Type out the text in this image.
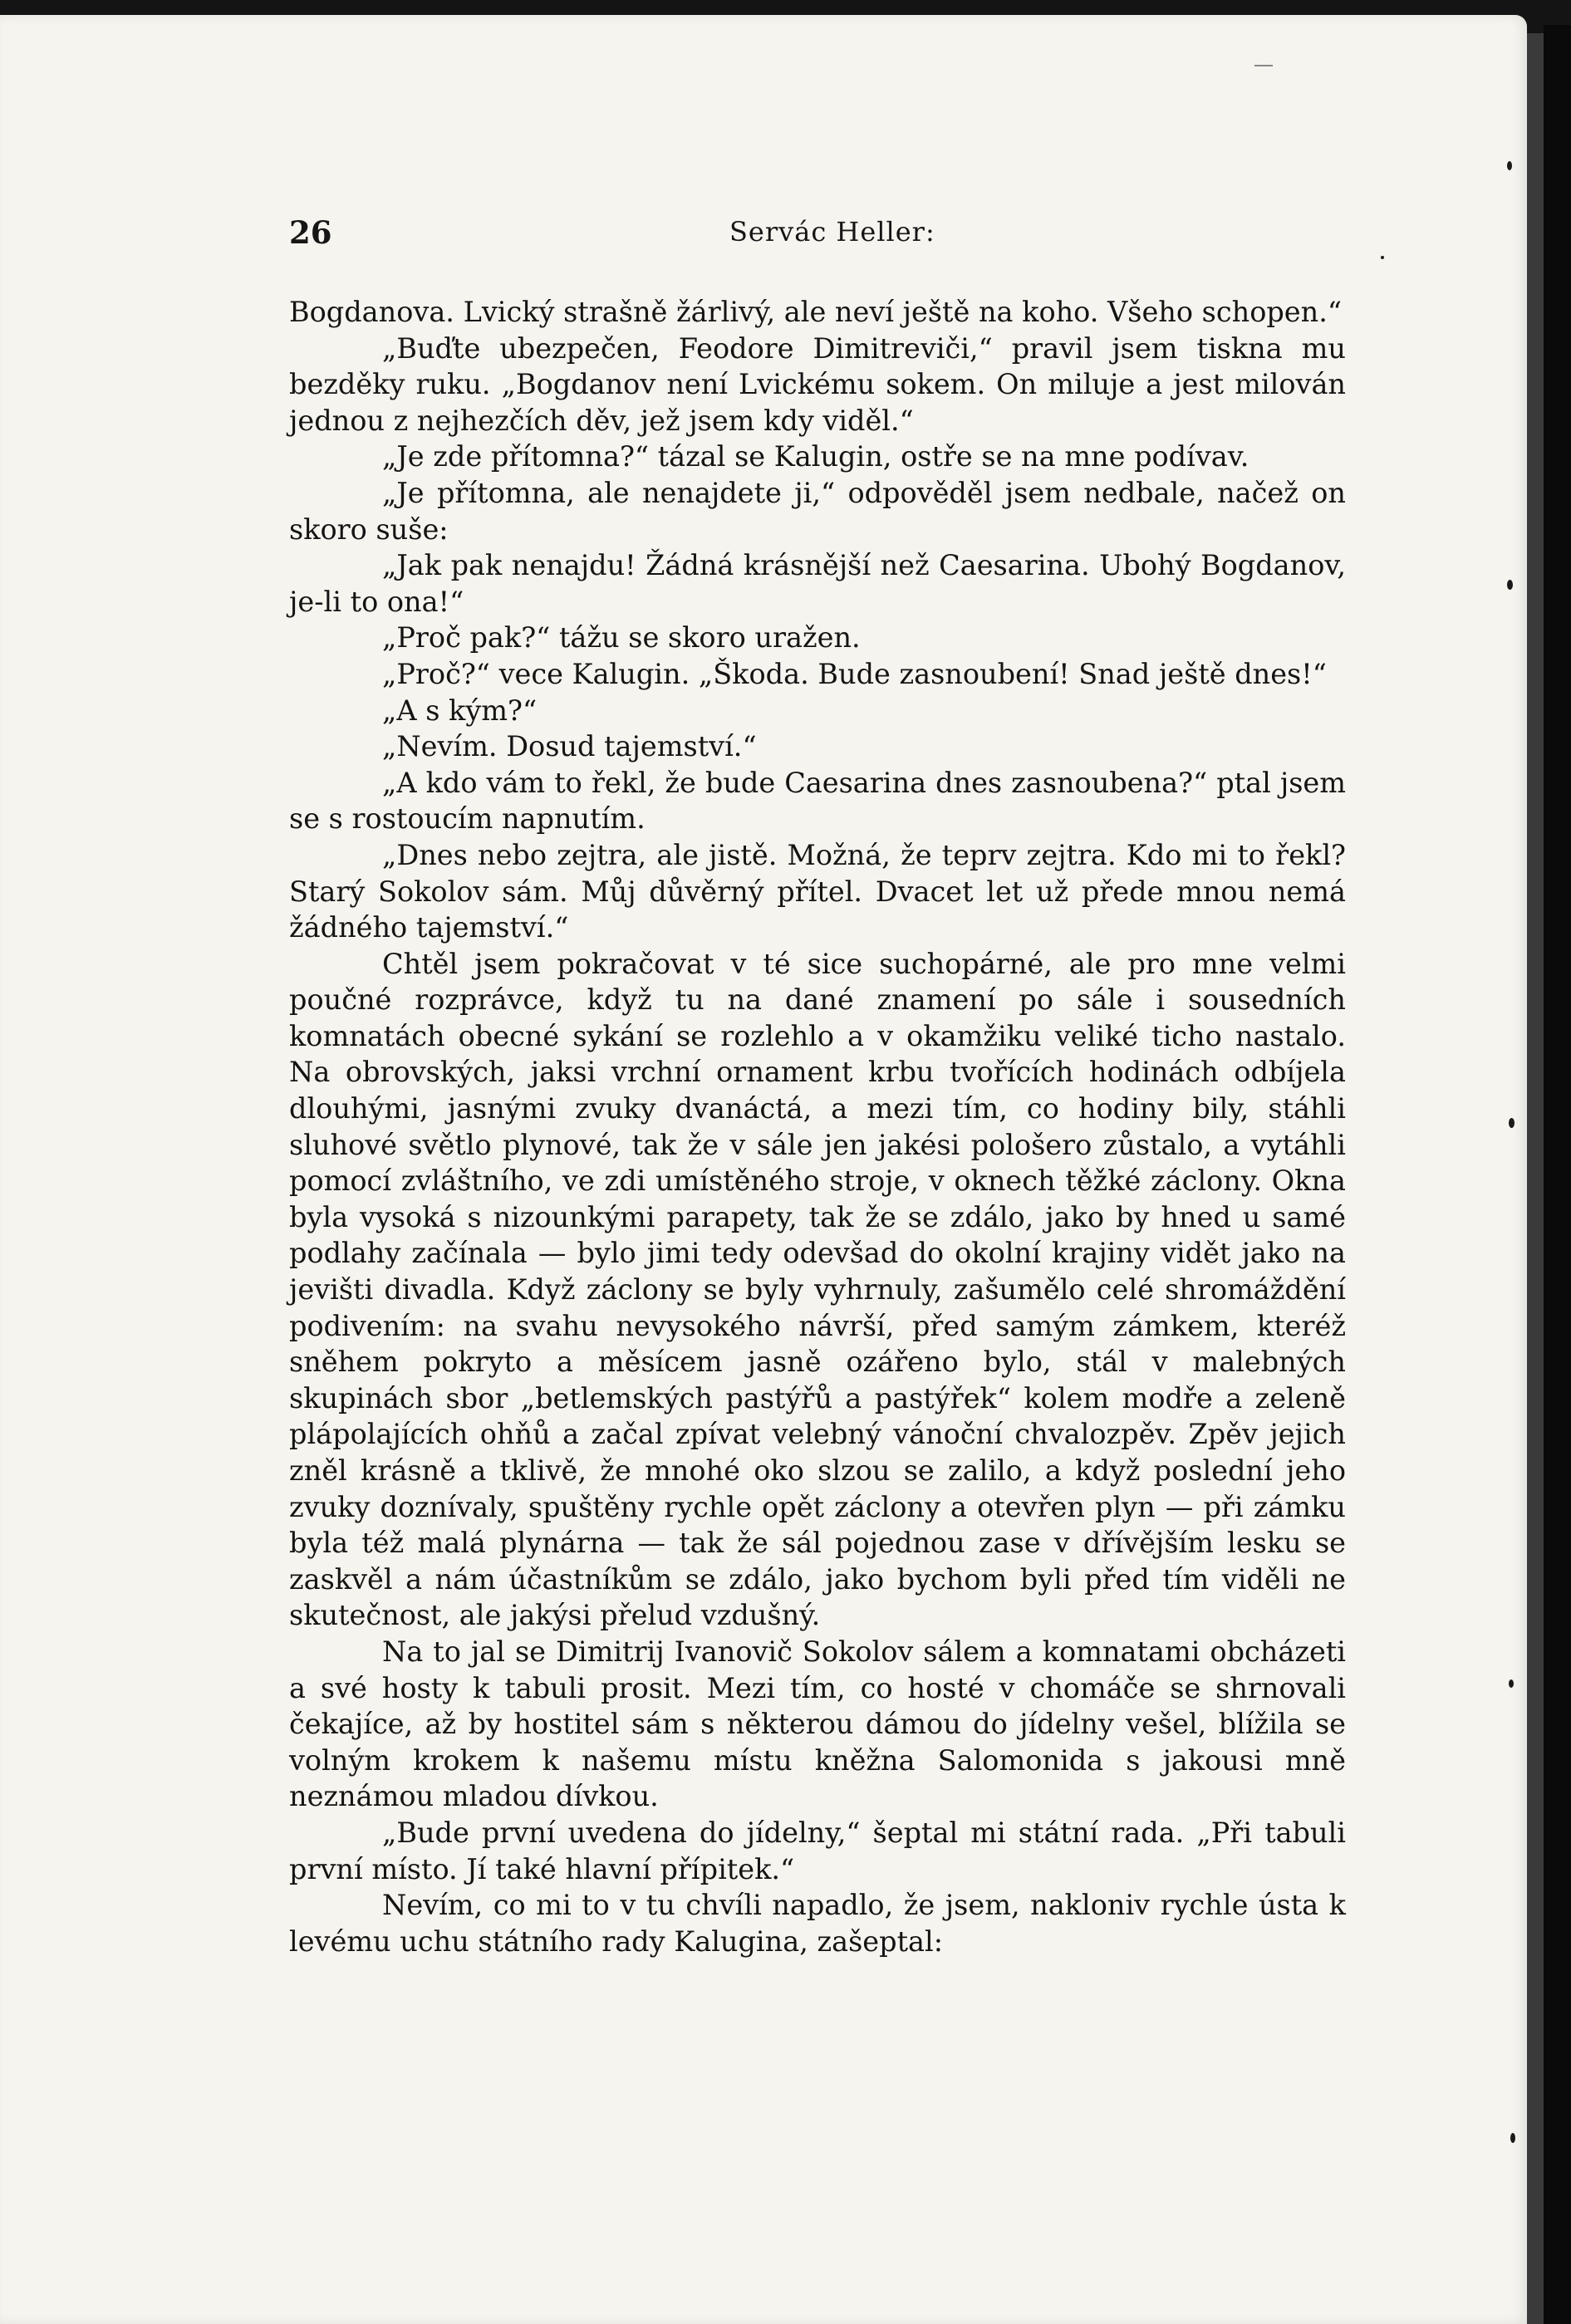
26	Servác Heller:

Bogdanova. Lvický strašně žárlivý, ale neví ještě na koho. Všeho schopen.“

„Buďte ubezpečen, Feodore Dimitreviči,“ pravil jsem tiskna mu bezděky ruku. „Bogdanov není Lvickému sokem. On miluje a jest milován jednou z nejhezčích děv, jež jsem kdy viděl.“

„Je zde přítomna?“ tázal se Kalugin, ostře se na mne podívav.

„Je přítomna, ale nenajdete ji,“ odpověděl jsem nedbale, načež on skoro suše:

„Jak pak nenajdu! Žádná krásnější než Caesarina. Ubohý Bogdanov, je-li to ona!“

„Proč pak?“ tážu se skoro uražen.

„Proč?“ vece Kalugin. „Škoda. Bude zasnoubení! Snad ještě dnes!“

„A s kým?“

„Nevím. Dosud tajemství.“

„A kdo vám to řekl, že bude Caesarina dnes zasnoubena?“ ptal jsem se s rostoucím napnutím.

„Dnes nebo zejtra, ale jistě. Možná, že teprv zejtra. Kdo mi to řekl? Starý Sokolov sám. Můj důvěrný přítel. Dvacet let už přede mnou nemá žádného tajemství.“

Chtěl jsem pokračovat v té sice suchopárné, ale pro mne velmi poučné rozprávce, když tu na dané znamení po sále i sousedních komnatách obecné sykání se rozlehlo a v okamžiku veliké ticho nastalo. Na obrovských, jaksi vrchní ornament krbu tvořících hodinách odbíjela dlouhými, jasnými zvuky dvanáctá, a mezi tím, co hodiny bily, stáhli sluhové světlo plynové, tak že v sále jen jakési pološero zůstalo, a vytáhli pomocí zvláštního, ve zdi umístěného stroje, v oknech těžké záclony. Okna byla vysoká s nizounkými parapety, tak že se zdálo, jako by hned u samé podlahy začínala — bylo jimi tedy odevšad do okolní krajiny vidět jako na jevišti divadla. Když záclony se byly vyhrnuly, zašumělo celé shromáždění podivením: na svahu nevysokého návrší, před samým zámkem, kteréž sněhem pokryto a měsícem jasně ozářeno bylo, stál v malebných skupinách sbor „betlemských pastýřů a pastýřek“ kolem modře a zeleně plápolajících ohňů a začal zpívat velebný vánoční chvalozpěv. Zpěv jejich zněl krásně a tklivě, že mnohé oko slzou se zalilo, a když poslední jeho zvuky doznívaly, spuštěny rychle opět záclony a otevřen plyn — při zámku byla též malá plynárna — tak že sál pojednou zase v dřívějším lesku se zaskvěl a nám účastníkům se zdálo, jako bychom byli před tím viděli ne skutečnost, ale jakýsi přelud vzdušný.

Na to jal se Dimitrij Ivanovič Sokolov sálem a komnatami obcházeti a své hosty k tabuli prosit. Mezi tím, co hosté v chomáče se shrnovali čekajíce, až by hostitel sám s některou dámou do jídelny vešel, blížila se volným krokem k našemu místu kněžna Salomonida s jakousi mně neznámou mladou dívkou.

„Bude první uvedena do jídelny,“ šeptal mi státní rada. „Při tabuli první místo. Jí také hlavní přípitek.“

Nevím, co mi to v tu chvíli napadlo, že jsem, nakloniv rychle ústa k levému uchu státního rady Kalugina, zašeptal:
